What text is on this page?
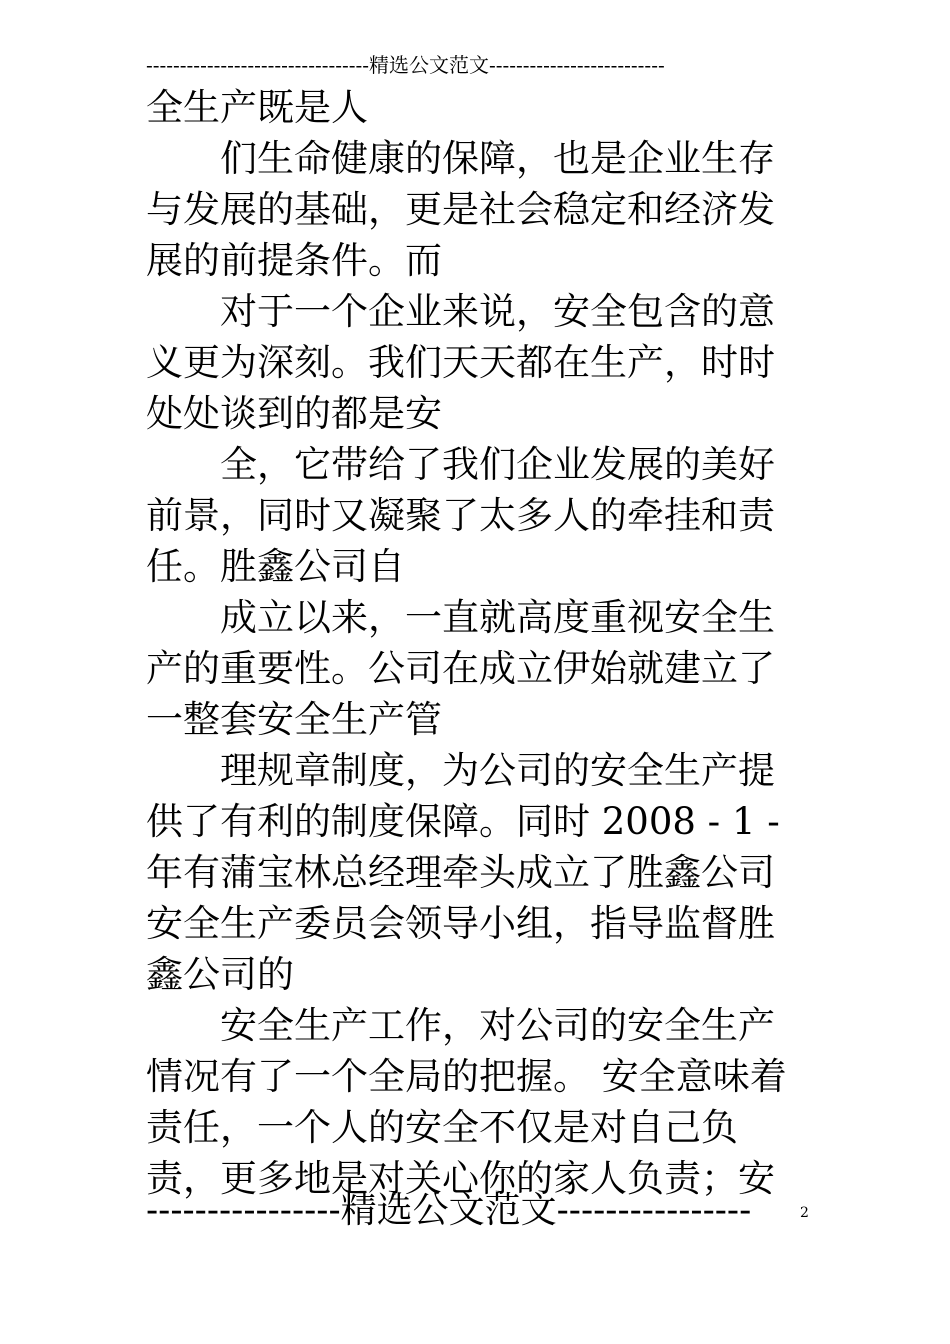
---------------------------------精选公文范文--------------------------

全生产既是人

们生命健康的保障，也是企业生存与发展的基础，更是社会稳定和经济发展的前提条件。而

对于一个企业来说，安全包含的意义更为深刻。我们天天都在生产，时时处处谈到的都是安

全，它带给了我们企业发展的美好前景，同时又凝聚了太多人的牵挂和责任。胜鑫公司自

成立以来，一直就高度重视安全生产的重要性。公司在成立伊始就建立了一整套安全生产管

理规章制度，为公司的安全生产提供了有利的制度保障。同时 2008 - 1 - 年有蒲宝林总经理牵头成立了胜鑫公司安全生产委员会领导小组，指导监督胜鑫公司的

安全生产工作，对公司的安全生产情况有了一个全局的把握。 安全意味着责任，一个人的安全不仅是对自己负责，更多地是对关心你的家人负责；安

----------------精选公文范文----------------	2
